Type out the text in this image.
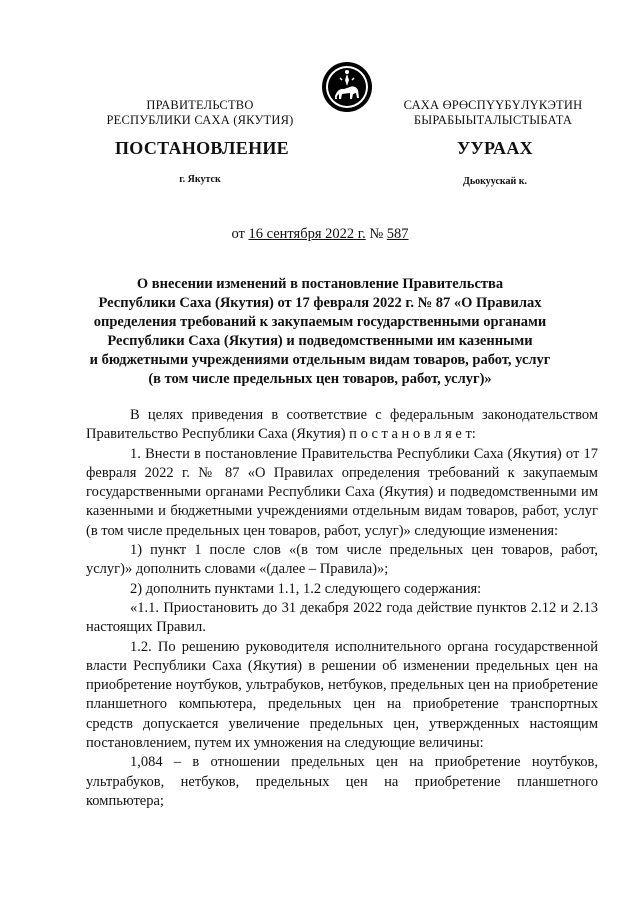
ПРАВИТЕЛЬСТВО
РЕСПУБЛИКИ САХА (ЯКУТИЯ)
САХА ӨРӨСПҮҮБҮЛҮКЭТИН
БЫРАБЫЫТАЛЫСТЫБАТА
ПОСТАНОВЛЕНИЕ	УУРААХ
г. Якутск	Дьокуускай к.
от 16 сентября 2022 г. № 587
О внесении изменений в постановление Правительства
Республики Саха (Якутия) от 17 февраля 2022 г. № 87 «О Правилах
определения требований к закупаемым государственными органами
Республики Саха (Якутия) и подведомственными им казенными
и бюджетными учреждениями отдельным видам товаров, работ, услуг
(в том числе предельных цен товаров, работ, услуг)»

В целях приведения в соответствие с федеральным законодательством Правительство Республики Саха (Якутия) п о с т а н о в л я е т:

1. Внести в постановление Правительства Республики Саха (Якутия) от 17 февраля 2022 г. № 87 «О Правилах определения требований к закупаемым государственными органами Республики Саха (Якутия) и подведомственными им казенными и бюджетными учреждениями отдельным видам товаров, работ, услуг (в том числе предельных цен товаров, работ, услуг)» следующие изменения:

1) пункт 1 после слов «(в том числе предельных цен товаров, работ, услуг)» дополнить словами «(далее – Правила)»;

2) дополнить пунктами 1.1, 1.2 следующего содержания:

«1.1. Приостановить до 31 декабря 2022 года действие пунктов 2.12 и 2.13 настоящих Правил.

1.2. По решению руководителя исполнительного органа государственной власти Республики Саха (Якутия) в решении об изменении предельных цен на приобретение ноутбуков, ультрабуков, нетбуков, предельных цен на приобретение планшетного компьютера, предельных цен на приобретение транспортных средств допускается увеличение предельных цен, утвержденных настоящим постановлением, путем их умножения на следующие величины:

1,084 – в отношении предельных цен на приобретение ноутбуков, ультрабуков, нетбуков, предельных цен на приобретение планшетного компьютера;
